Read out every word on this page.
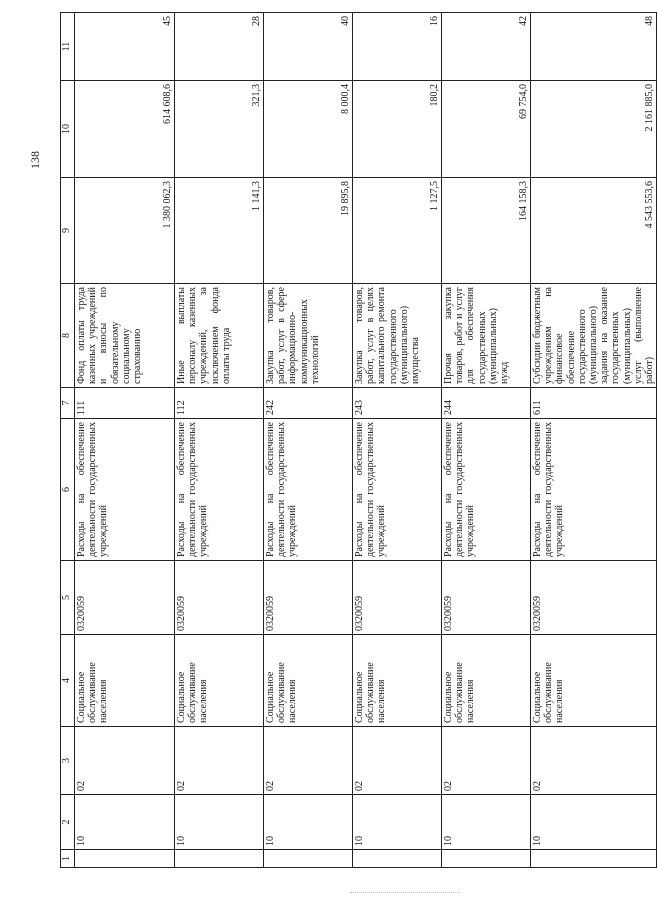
138
1	2	3	4	5	6	7	8	9	10	11
	10	02	Социальное обслуживание населения	0320059	Расходы на обеспечение деятельности государственных учреждений	111	Фонд оплаты труда казенных учреждений и взносы по обязательному социальному страхованию	1 380 062,3	614 608,6	45
	10	02	Социальное обслуживание населения	0320059	Расходы на обеспечение деятельности государственных учреждений	112	Иные выплаты персоналу казенных учреждений, за исключением фонда оплаты труда	1 141,3	321,3	28
	10	02	Социальное обслуживание населения	0320059	Расходы на обеспечение деятельности государственных учреждений	242	Закупка товаров, работ, услуг в сфере информационно-коммуникационных технологий	19 895,8	8 000,4	40
	10	02	Социальное обслуживание населения	0320059	Расходы на обеспечение деятельности государственных учреждений	243	Закупка товаров, работ, услуг в целях капитального ремонта государственного (муниципального) имущества	1 127,5	180,2	16
	10	02	Социальное обслуживание населения	0320059	Расходы на обеспечение деятельности государственных учреждений	244	Прочая закупка товаров, работ и услуг для обеспечения государственных (муниципальных) нужд	164 158,3	69 754,0	42
	10	02	Социальное обслуживание населения	0320059	Расходы на обеспечение деятельности государственных учреждений	611	Субсидии бюджетным учреждениям на финансовое обеспечение государственного (муниципального) задания на оказание государственных (муниципальных) услуг (выполнение работ)	4 543 553,6	2 161 885,0	48
